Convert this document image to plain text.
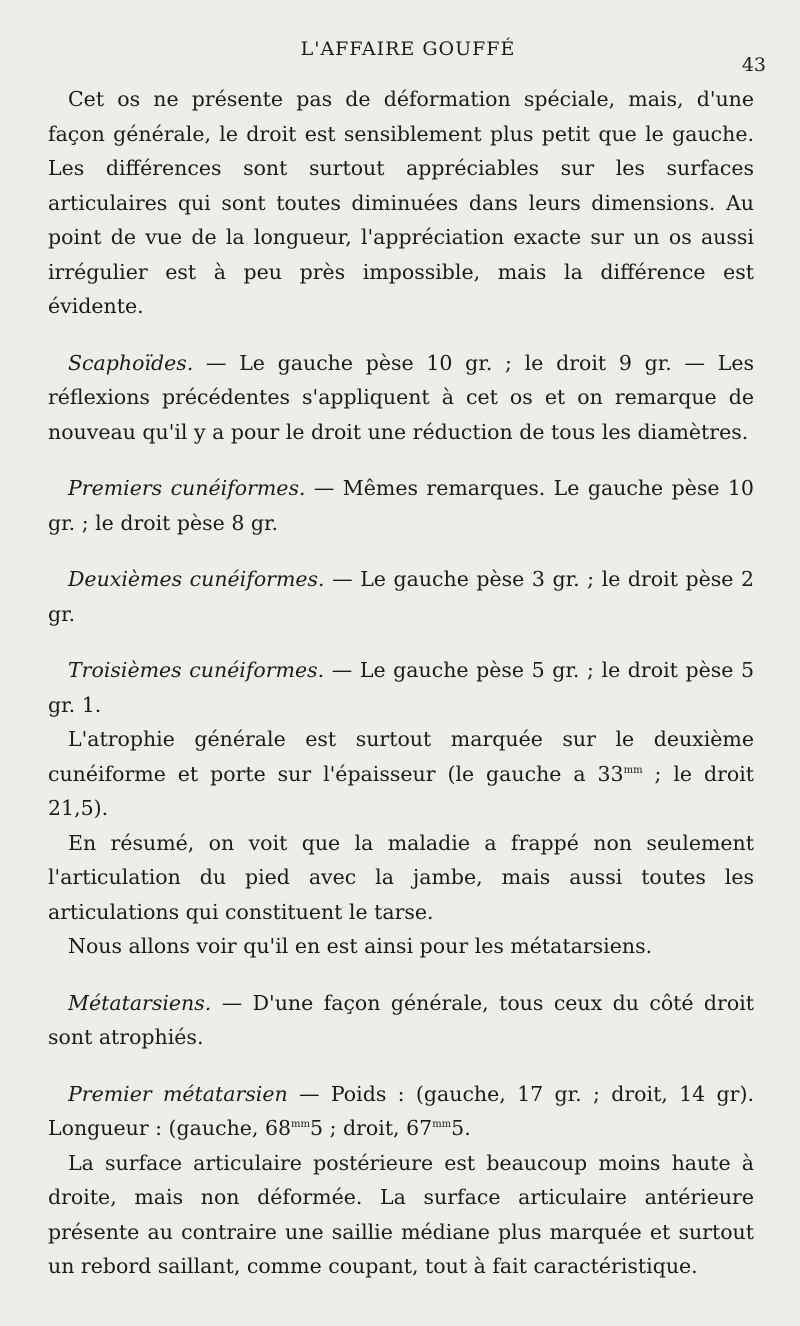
L'AFFAIRE GOUFFÉ
43

Cet os ne présente pas de déformation spéciale, mais, d'une façon générale, le droit est sensiblement plus petit que le gauche. Les différences sont surtout appréciables sur les surfaces articulaires qui sont toutes diminuées dans leurs dimensions. Au point de vue de la longueur, l'appréciation exacte sur un os aussi irrégulier est à peu près impossible, mais la différence est évidente.

Scaphoïdes. — Le gauche pèse 10 gr. ; le droit 9 gr. — Les réflexions précédentes s'appliquent à cet os et on remarque de nouveau qu'il y a pour le droit une réduction de tous les diamètres.

Premiers cunéiformes. — Mêmes remarques. Le gauche pèse 10 gr. ; le droit pèse 8 gr.

Deuxièmes cunéiformes. — Le gauche pèse 3 gr. ; le droit pèse 2 gr.

Troisièmes cunéiformes. — Le gauche pèse 5 gr. ; le droit pèse 5 gr. 1.

L'atrophie générale est surtout marquée sur le deuxième cunéiforme et porte sur l'épaisseur (le gauche a $33^{mm}$ ; le droit 21,5).

En résumé, on voit que la maladie a frappé non seulement l'articulation du pied avec la jambe, mais aussi toutes les articulations qui constituent le tarse.

Nous allons voir qu'il en est ainsi pour les métatarsiens.

Métatarsiens. — D'une façon générale, tous ceux du côté droit sont atrophiés.

Premier métatarsien — Poids : (gauche, 17 gr. ; droit, 14 gr). Longueur : (gauche, $68^{mm}5$ ; droit, $67^{mm}5$.

La surface articulaire postérieure est beaucoup moins haute à droite, mais non déformée. La surface articulaire antérieure présente au contraire une saillie médiane plus marquée et surtout un rebord saillant, comme coupant, tout à fait caractéristique.
